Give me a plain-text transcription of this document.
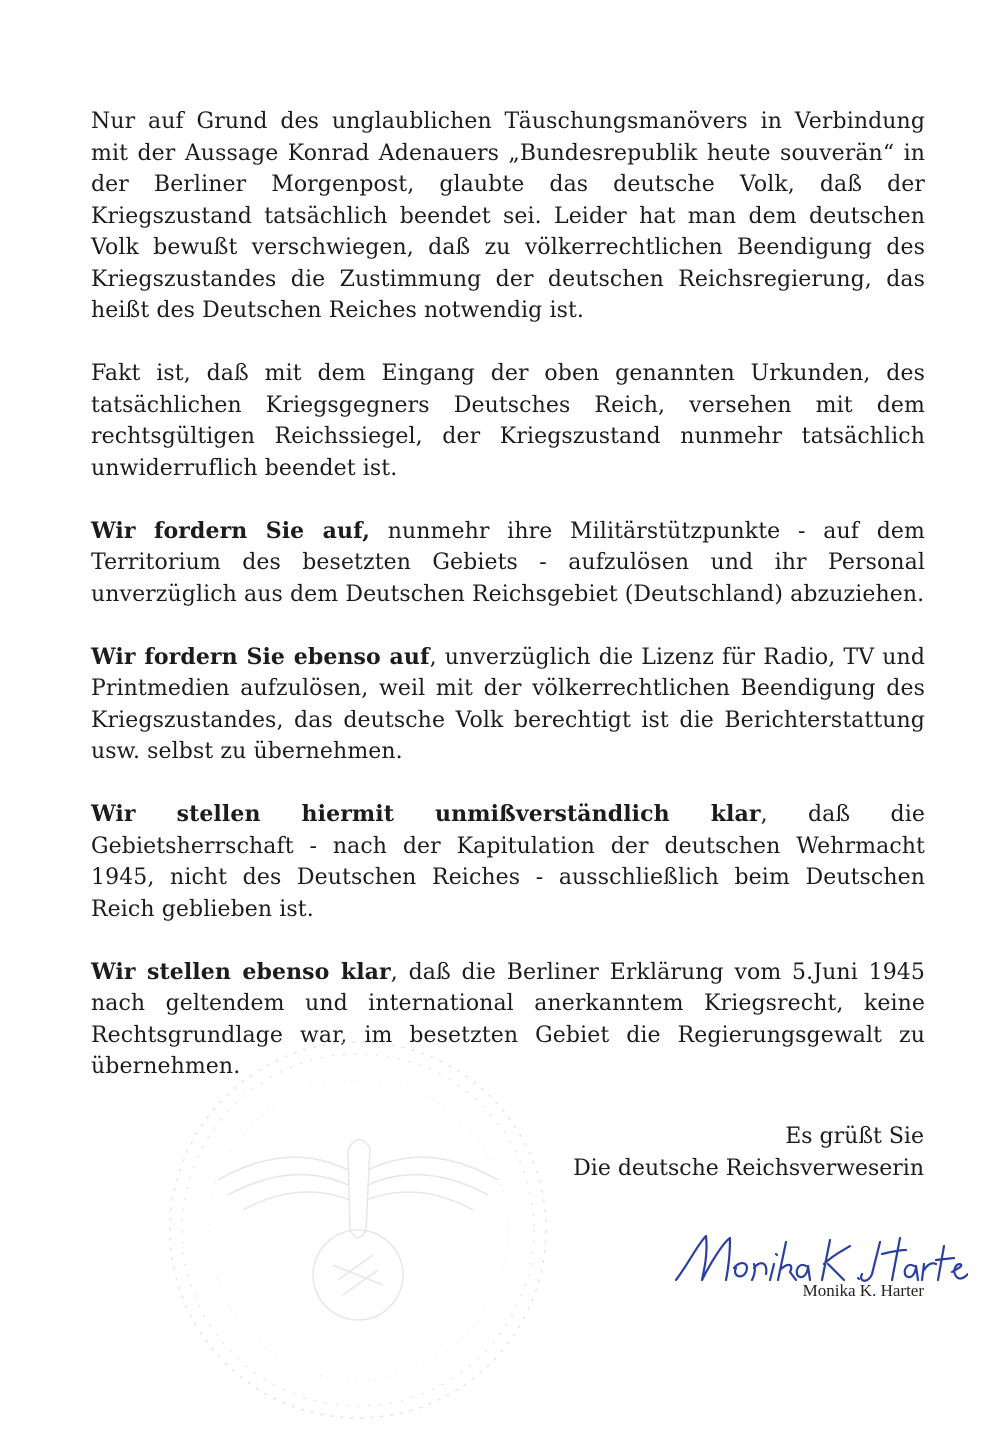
Nur auf Grund des unglaublichen Täuschungsmanövers in Verbindung mit der Aussage Konrad Adenauers „Bundesrepublik heute souverän“ in der Berliner Morgenpost, glaubte das deutsche Volk, daß der Kriegszustand tatsächlich beendet sei. Leider hat man dem deutschen Volk bewußt verschwiegen, daß zu völkerrechtlichen Beendigung des Kriegszustandes die Zustimmung der deutschen Reichsregierung, das heißt des Deutschen Reiches notwendig ist.

Fakt ist, daß mit dem Eingang der oben genannten Urkunden, des tatsächlichen Kriegsgegners Deutsches Reich, versehen mit dem rechtsgültigen Reichssiegel, der Kriegszustand nunmehr tatsächlich unwiderruflich beendet ist.

Wir fordern Sie auf, nunmehr ihre Militärstützpunkte - auf dem Territorium des besetzten Gebiets - aufzulösen und ihr Personal unverzüglich aus dem Deutschen Reichsgebiet (Deutschland) abzuziehen.

Wir fordern Sie ebenso auf, unverzüglich die Lizenz für Radio, TV und Printmedien aufzulösen, weil mit der völkerrechtlichen Beendigung des Kriegszustandes, das deutsche Volk berechtigt ist die Berichterstattung usw. selbst zu übernehmen.

Wir stellen hiermit unmißverständlich klar, daß die Gebietsherrschaft - nach der Kapitulation der deutschen Wehrmacht 1945, nicht des Deutschen Reiches - ausschließlich beim Deutschen Reich geblieben ist.

Wir stellen ebenso klar, daß die Berliner Erklärung vom 5.Juni 1945 nach geltendem und international anerkanntem Kriegsrecht, keine Rechtsgrundlage war, im besetzten Gebiet die Regierungsgewalt zu übernehmen.

Es grüßt Sie
Die deutsche Reichsverweserin
Monika K. Harter
